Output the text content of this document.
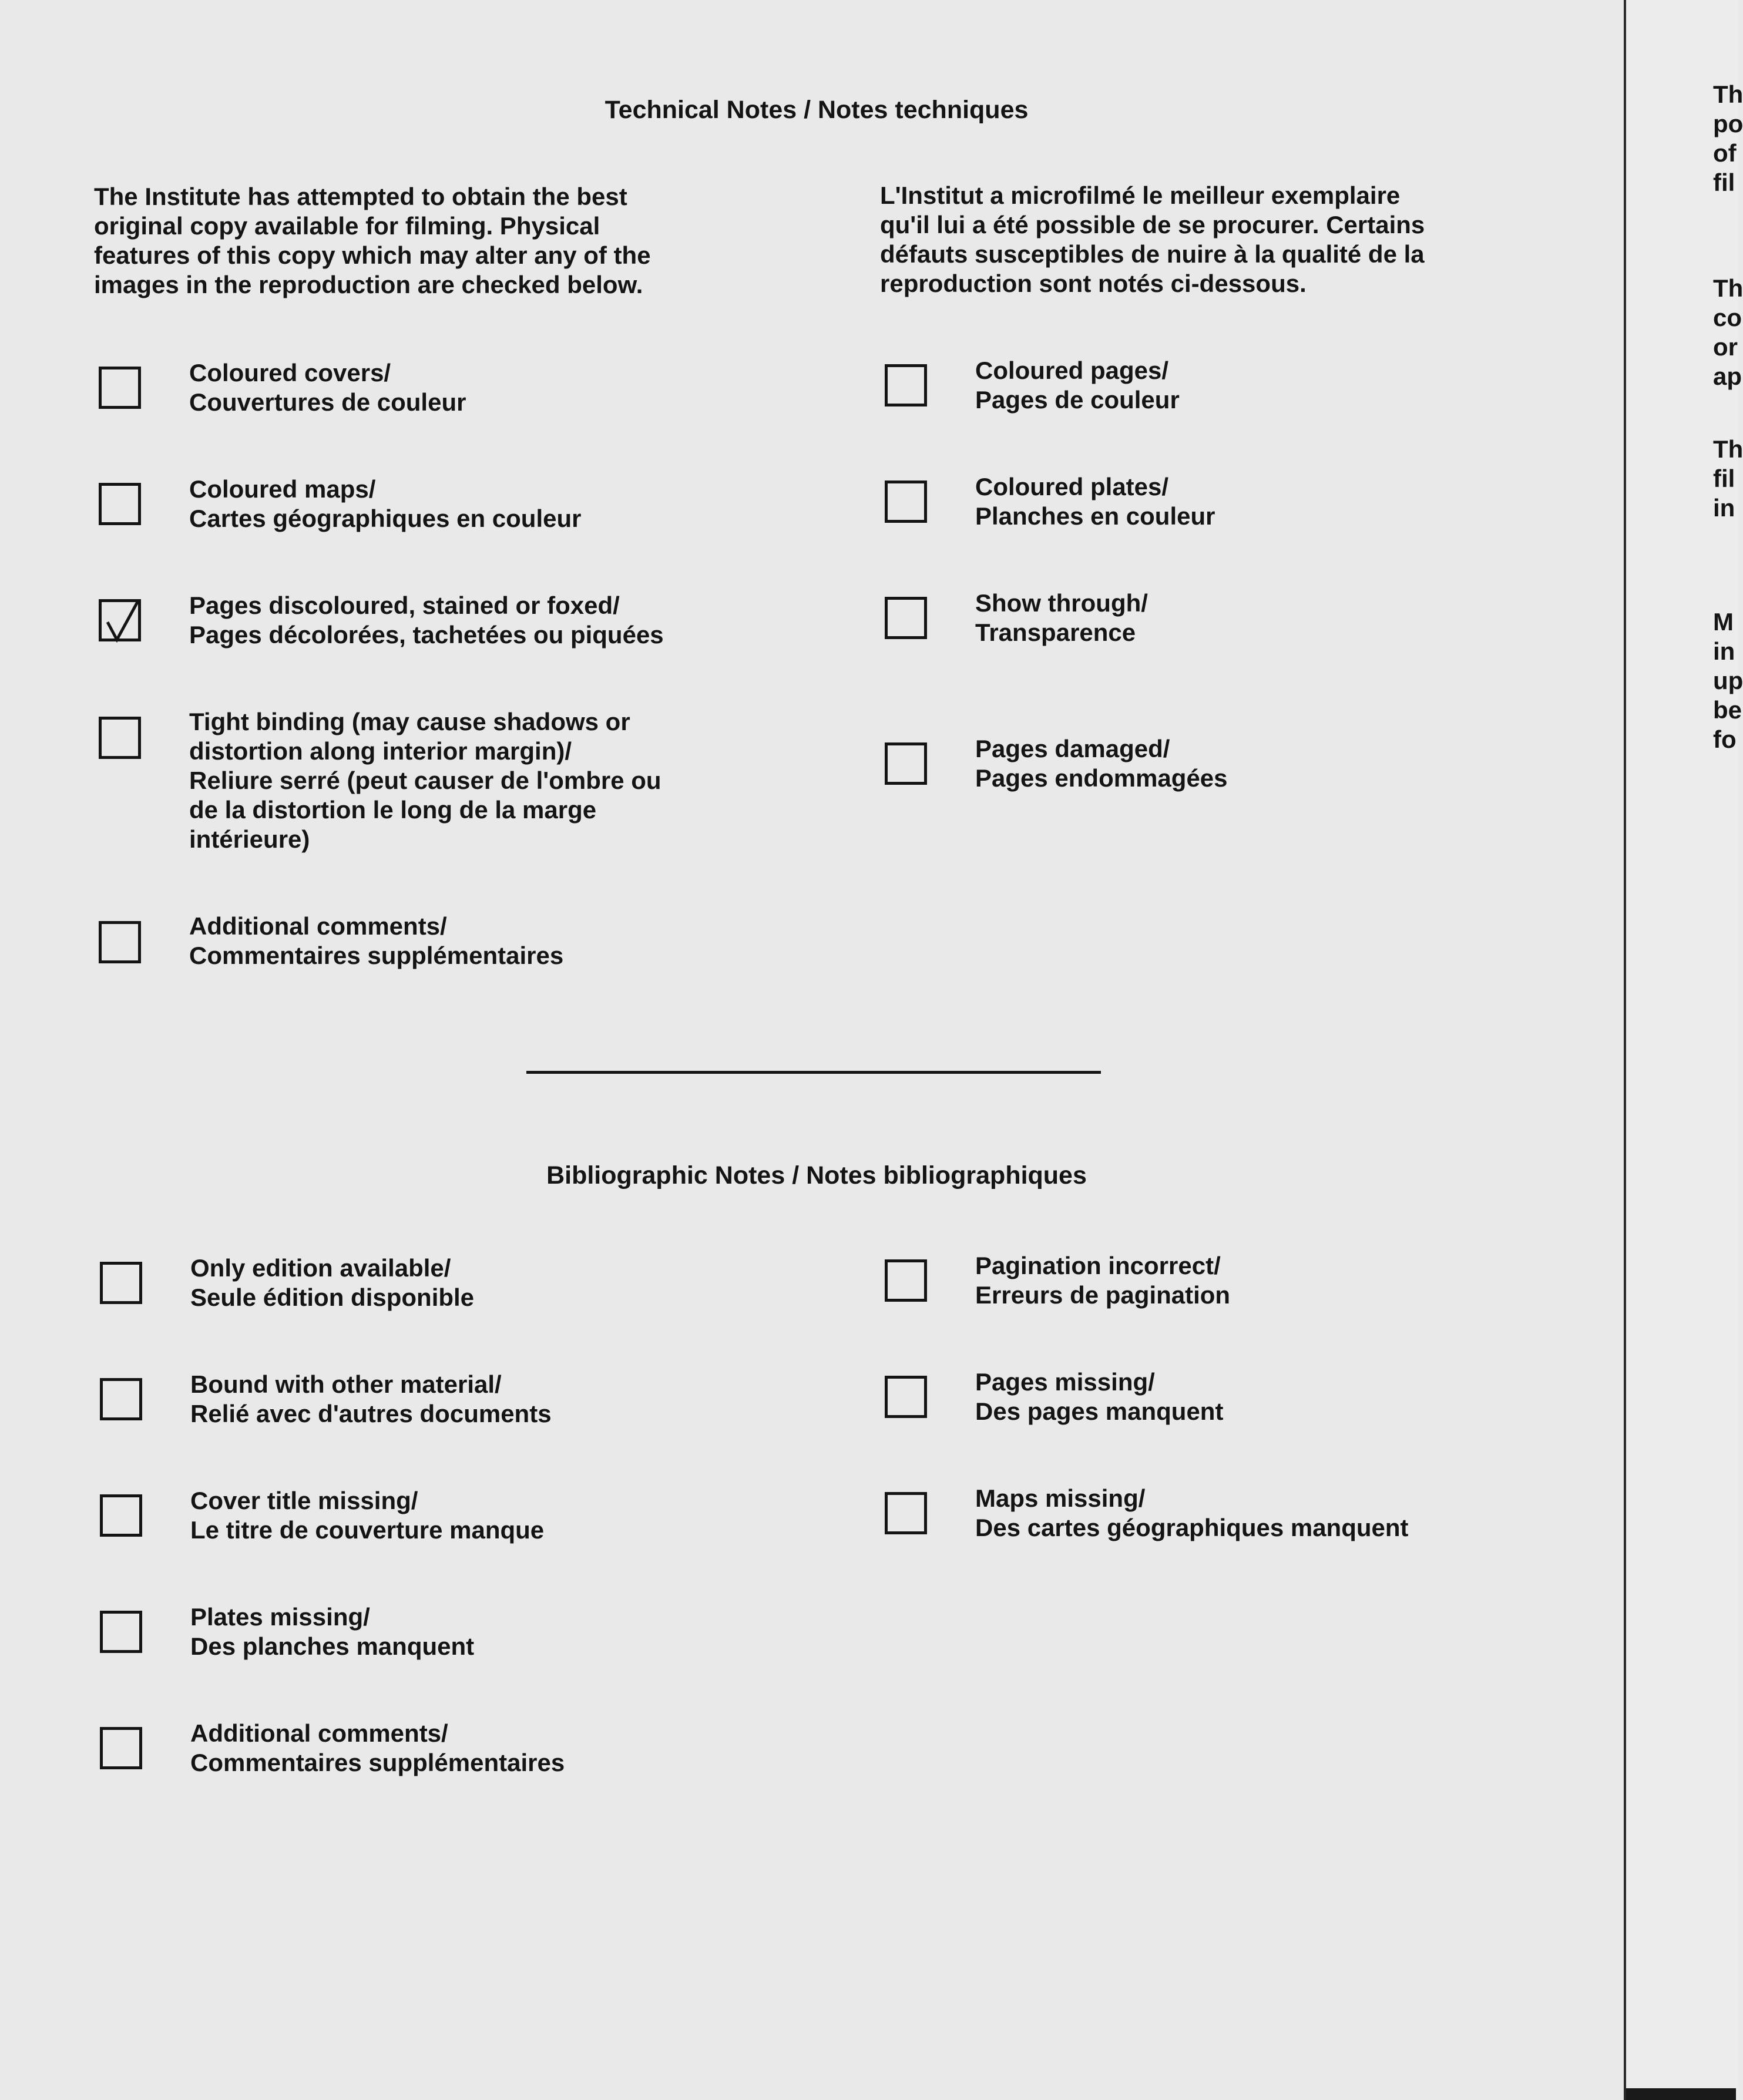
Technical Notes / Notes techniques
The Institute has attempted to obtain the best
original copy available for filming. Physical
features of this copy which may alter any of the
images in the reproduction are checked below.
L'Institut a microfilmé le meilleur exemplaire
qu'il lui a été possible de se procurer. Certains
défauts susceptibles de nuire à la qualité de la
reproduction sont notés ci-dessous.
Coloured covers/
Couvertures de couleur
Coloured maps/
Cartes géographiques en couleur
Pages discoloured, stained or foxed/
Pages décolorées, tachetées ou piquées
Tight binding (may cause shadows or
distortion along interior margin)/
Reliure serré (peut causer de l'ombre ou
de la distortion le long de la marge
intérieure)
Additional comments/
Commentaires supplémentaires
Coloured pages/
Pages de couleur
Coloured plates/
Planches en couleur
Show through/
Transparence
Pages damaged/
Pages endommagées
Bibliographic Notes / Notes bibliographiques
Only edition available/
Seule édition disponible
Bound with other material/
Relié avec d'autres documents
Cover title missing/
Le titre de couverture manque
Plates missing/
Des planches manquent
Additional comments/
Commentaires supplémentaires
Pagination incorrect/
Erreurs de pagination
Pages missing/
Des pages manquent
Maps missing/
Des cartes géographiques manquent
Th
po
of
fil
Th
co
or
ap
Th
fil
in
M
in
up
be
fo
